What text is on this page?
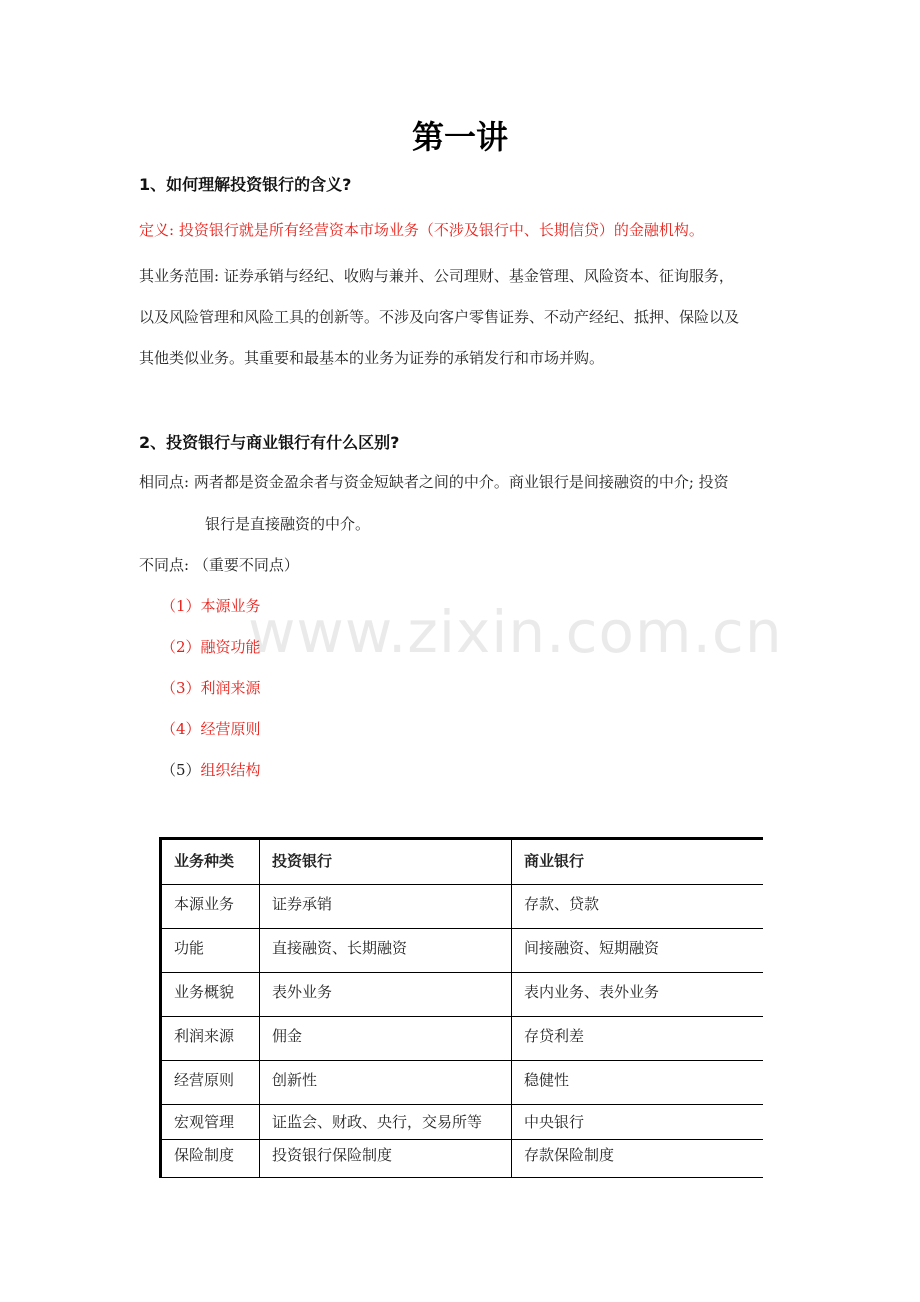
第一讲
1、如何理解投资银行的含义?
定义: 投资银行就是所有经营资本市场业务（不涉及银行中、长期信贷）的金融机构。
其业务范围: 证券承销与经纪、收购与兼并、公司理财、基金管理、风险资本、征询服务，
以及风险管理和风险工具的创新等。不涉及向客户零售证券、不动产经纪、抵押、保险以及
其他类似业务。其重要和最基本的业务为证券的承销发行和市场并购。
2、投资银行与商业银行有什么区别?
相同点: 两者都是资金盈余者与资金短缺者之间的中介。商业银行是间接融资的中介; 投资
银行是直接融资的中介。
不同点: （重要不同点）
（1）本源业务
（2）融资功能
（3）利润来源
（4）经营原则
（5）组织结构
www.zixin.com.cn
业务种类	投资银行	商业银行
本源业务	证券承销	存款、贷款
功能	直接融资、长期融资	间接融资、短期融资
业务概貌	表外业务	表内业务、表外业务
利润来源	佣金	存贷利差
经营原则	创新性	稳健性
宏观管理	证监会、财政、央行，交易所等	中央银行
保险制度	投资银行保险制度	存款保险制度
